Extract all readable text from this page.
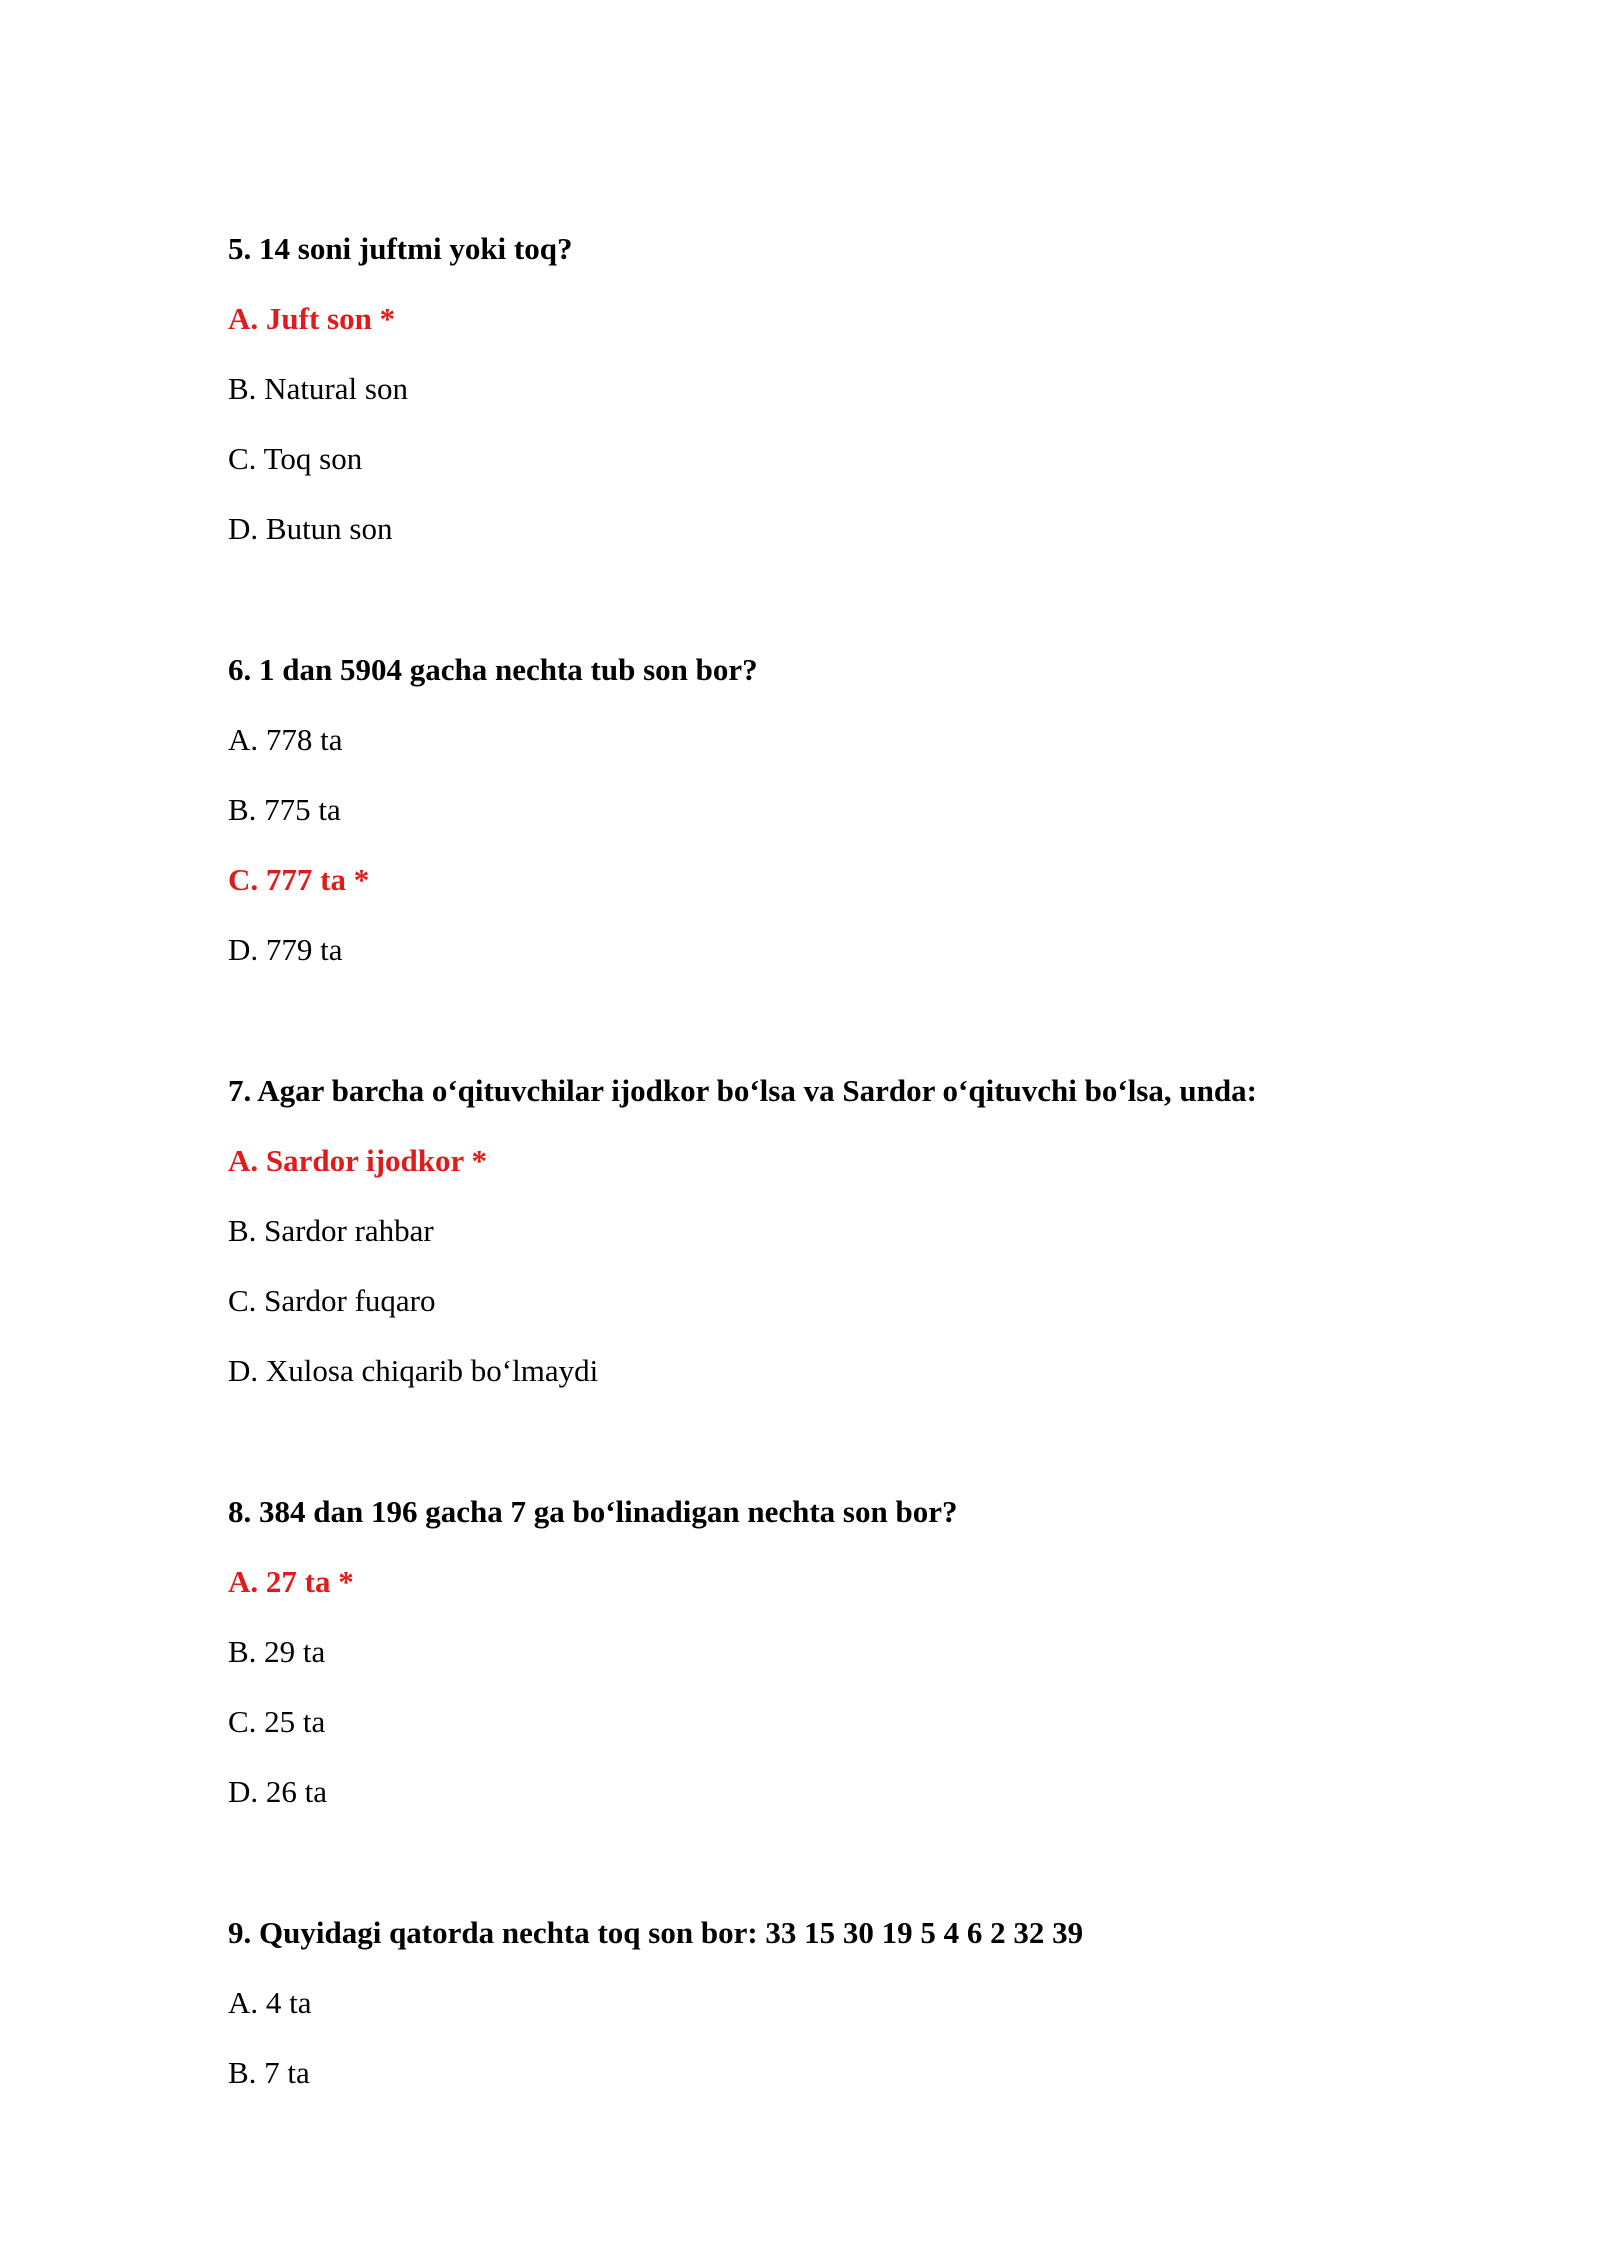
5. 14 soni juftmi yoki toq?
A. Juft son *
B. Natural son
C. Toq son
D. Butun son
6. 1 dan 5904 gacha nechta tub son bor?
A. 778 ta
B. 775 ta
C. 777 ta *
D. 779 ta
7. Agar barcha o‘qituvchilar ijodkor bo‘lsa va Sardor o‘qituvchi bo‘lsa, unda:
A. Sardor ijodkor *
B. Sardor rahbar
C. Sardor fuqaro
D. Xulosa chiqarib bo‘lmaydi
8. 384 dan 196 gacha 7 ga bo‘linadigan nechta son bor?
A. 27 ta *
B. 29 ta
C. 25 ta
D. 26 ta
9. Quyidagi qatorda nechta toq son bor: 33 15 30 19 5 4 6 2 32 39
A. 4 ta
B. 7 ta
